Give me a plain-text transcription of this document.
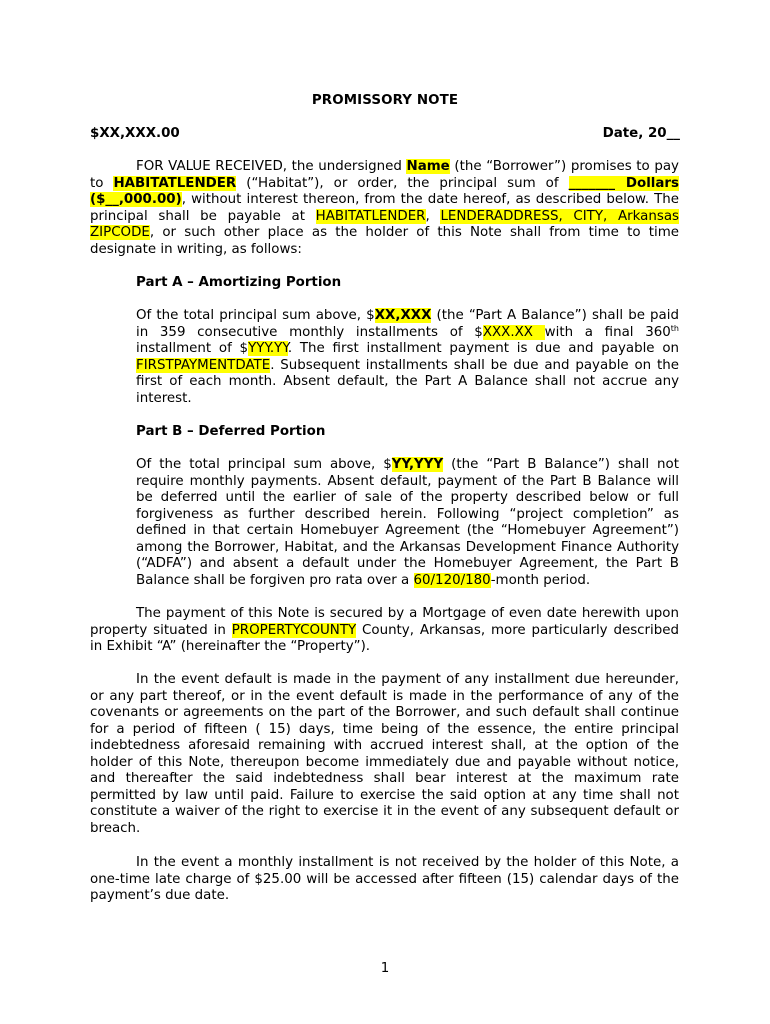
PROMISSORY NOTE
$XX,XXX.00	Date, 20__
FOR VALUE RECEIVED, the undersigned Name (the “Borrower”) promises to pay to HABITATLENDER (“Habitat”), or order, the principal sum of _______ Dollars ($__,000.00), without interest thereon, from the date hereof, as described below. The principal shall be payable at HABITATLENDER, LENDERADDRESS, CITY, Arkansas ZIPCODE, or such other place as the holder of this Note shall from time to time designate in writing, as follows:
Part A – Amortizing Portion
Of the total principal sum above, $XX,XXX (the “Part A Balance”) shall be paid in 359 consecutive monthly installments of $XXX.XX with a final 360th installment of $YYY.YY. The first installment payment is due and payable on FIRSTPAYMENTDATE. Subsequent installments shall be due and payable on the first of each month. Absent default, the Part A Balance shall not accrue any interest.
Part B – Deferred Portion
Of the total principal sum above, $YY,YYY (the “Part B Balance”) shall not require monthly payments. Absent default, payment of the Part B Balance will be deferred until the earlier of sale of the property described below or full forgiveness as further described herein. Following “project completion” as defined in that certain Homebuyer Agreement (the “Homebuyer Agreement”) among the Borrower, Habitat, and the Arkansas Development Finance Authority (“ADFA”) and absent a default under the Homebuyer Agreement, the Part B Balance shall be forgiven pro rata over a 60/120/180-month period.
The payment of this Note is secured by a Mortgage of even date herewith upon property situated in PROPERTYCOUNTY County, Arkansas, more particularly described in Exhibit “A” (hereinafter the “Property”).
In the event default is made in the payment of any installment due hereunder, or any part thereof, or in the event default is made in the performance of any of the covenants or agreements on the part of the Borrower, and such default shall continue for a period of fifteen ( 15) days, time being of the essence, the entire principal indebtedness aforesaid remaining with accrued interest shall, at the option of the holder of this Note, thereupon become immediately due and payable without notice, and thereafter the said indebtedness shall bear interest at the maximum rate permitted by law until paid. Failure to exercise the said option at any time shall not constitute a waiver of the right to exercise it in the event of any subsequent default or breach.
In the event a monthly installment is not received by the holder of this Note, a one-time late charge of $25.00 will be accessed after fifteen (15) calendar days of the payment’s due date.
1
